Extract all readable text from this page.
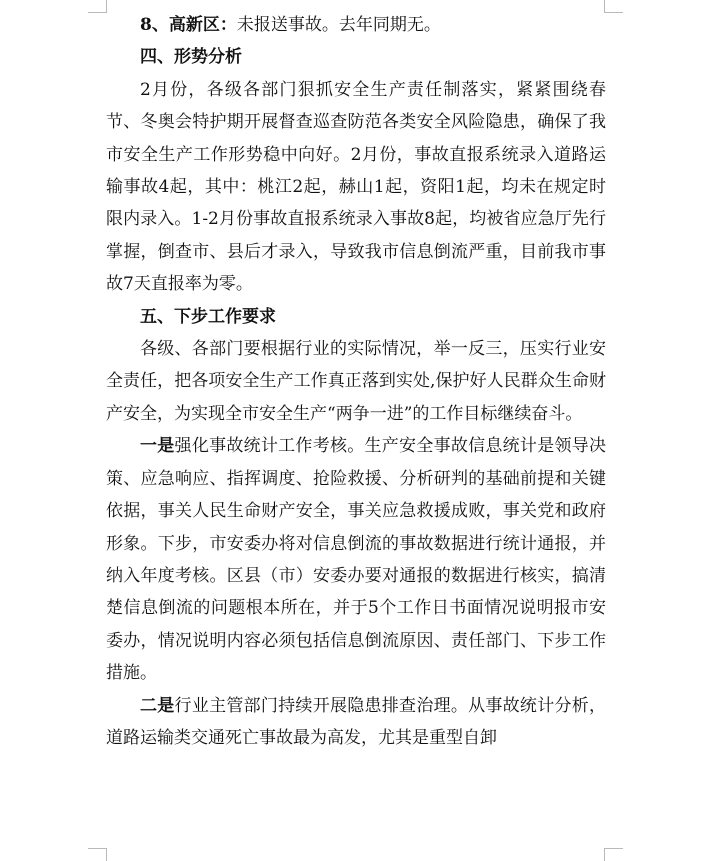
8、高新区：未报送事故。去年同期无。

四、形势分析

2月份，各级各部门狠抓安全生产责任制落实，紧紧围绕春节、冬奥会特护期开展督查巡查防范各类安全风险隐患，确保了我市安全生产工作形势稳中向好。2月份，事故直报系统录入道路运输事故4起，其中：桃江2起，赫山1起，资阳1起，均未在规定时限内录入。1-2月份事故直报系统录入事故8起，均被省应急厅先行掌握，倒查市、县后才录入，导致我市信息倒流严重，目前我市事故7天直报率为零。

五、下步工作要求

各级、各部门要根据行业的实际情况，举一反三，压实行业安全责任，把各项安全生产工作真正落到实处,保护好人民群众生命财产安全，为实现全市安全生产“两争一进”的工作目标继续奋斗。

一是强化事故统计工作考核。生产安全事故信息统计是领导决策、应急响应、指挥调度、抢险救援、分析研判的基础前提和关键依据，事关人民生命财产安全，事关应急救援成败，事关党和政府形象。下步，市安委办将对信息倒流的事故数据进行统计通报，并纳入年度考核。区县（市）安委办要对通报的数据进行核实，搞清楚信息倒流的问题根本所在，并于5个工作日书面情况说明报市安委办，情况说明内容必须包括信息倒流原因、责任部门、下步工作措施。

二是行业主管部门持续开展隐患排查治理。从事故统计分析，道路运输类交通死亡事故最为高发，尤其是重型自卸
